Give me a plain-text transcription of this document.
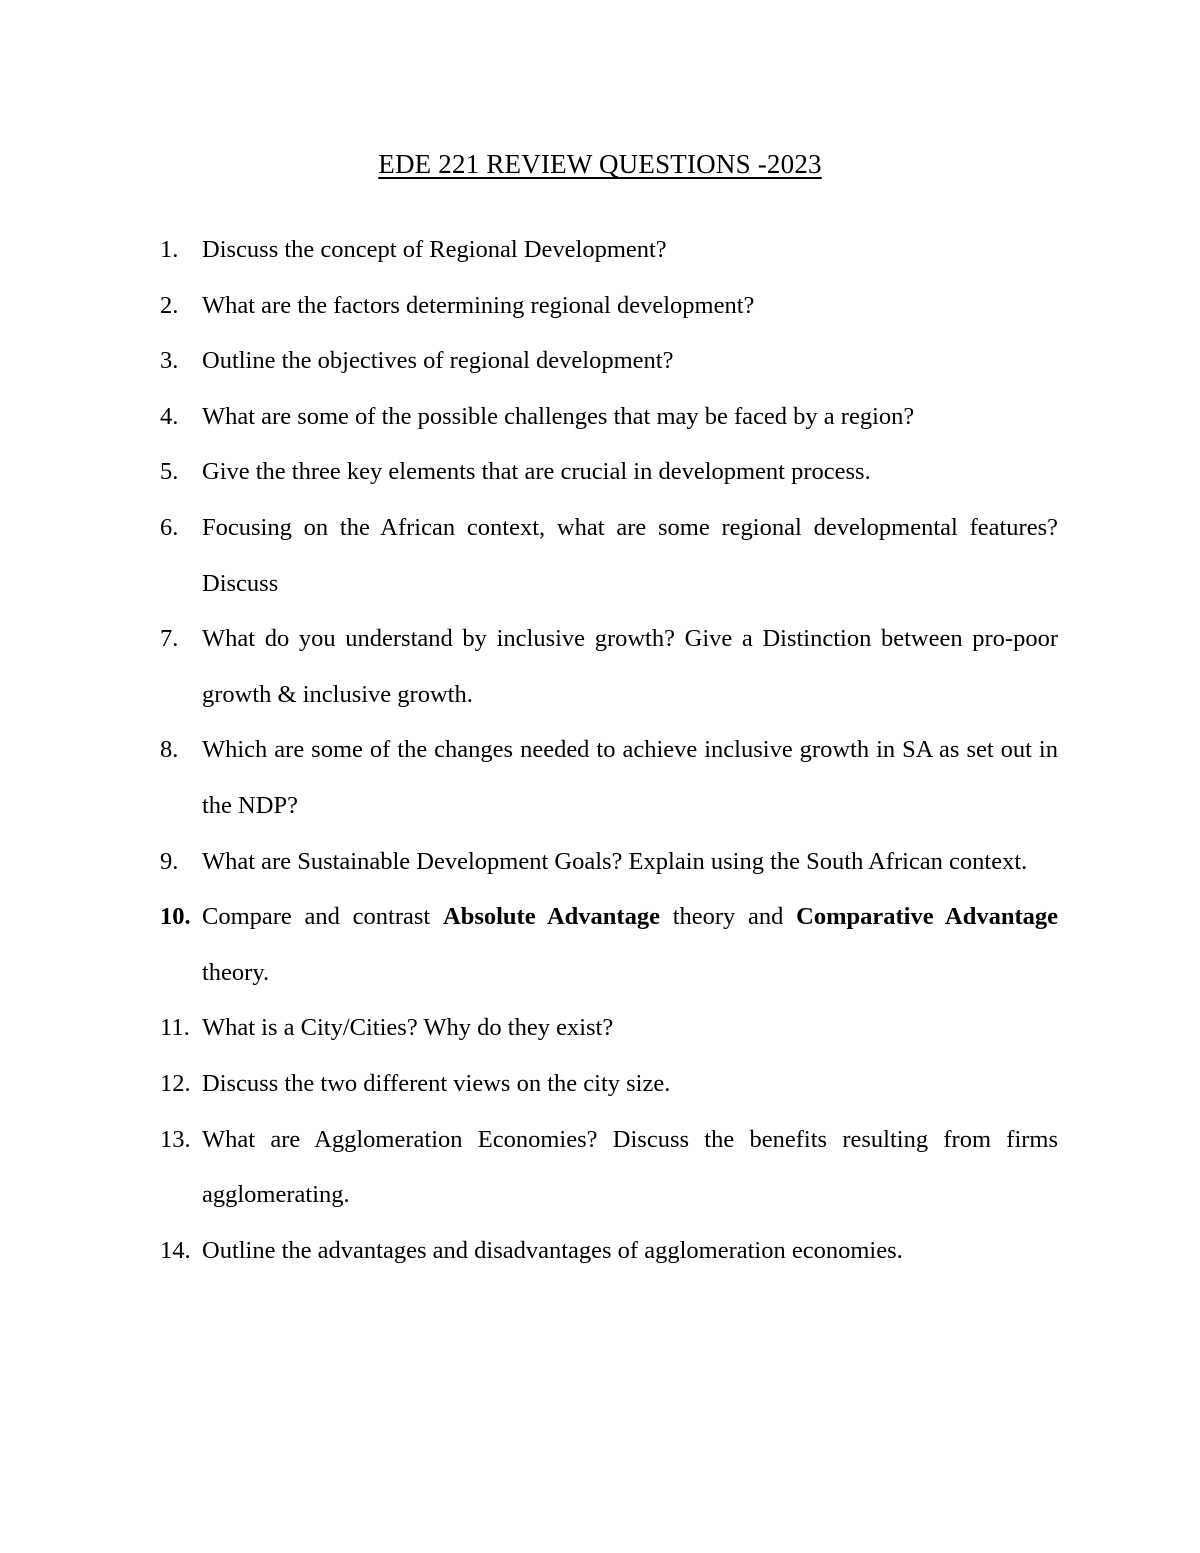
EDE 221 REVIEW QUESTIONS -2023
1. Discuss the concept of Regional Development?
2. What are the factors determining regional development?
3. Outline the objectives of regional development?
4. What are some of the possible challenges that may be faced by a region?
5. Give the three key elements that are crucial in development process.
6. Focusing on the African context, what are some regional developmental features? Discuss
7. What do you understand by inclusive growth? Give a Distinction between pro-poor growth & inclusive growth.
8. Which are some of the changes needed to achieve inclusive growth in SA as set out in the NDP?
9. What are Sustainable Development Goals? Explain using the South African context.
10. Compare and contrast Absolute Advantage theory and Comparative Advantage theory.
11. What is a City/Cities? Why do they exist?
12. Discuss the two different views on the city size.
13. What are Agglomeration Economies? Discuss the benefits resulting from firms agglomerating.
14. Outline the advantages and disadvantages of agglomeration economies.
